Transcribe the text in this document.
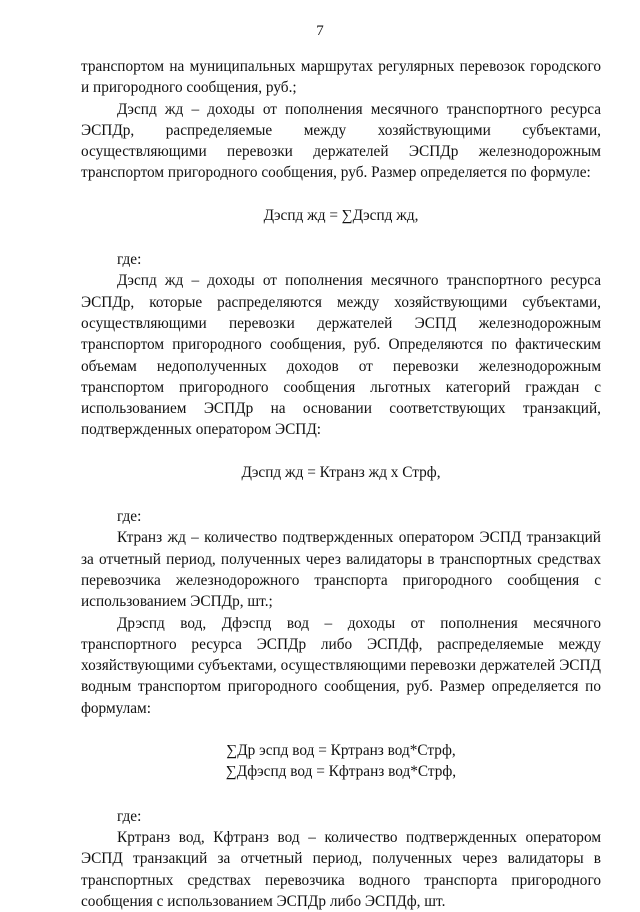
7

транспортом на муниципальных маршрутах регулярных перевозок городского и пригородного сообщения, руб.;

Дэспд жд – доходы от пополнения месячного транспортного ресурса ЭСПДр, распределяемые между хозяйствующими субъектами, осуществляющими перевозки держателей ЭСПДр железнодорожным транспортом пригородного сообщения, руб. Размер определяется по формуле:

Дэспд жд = ∑Дэспд жд,

где:

Дэспд жд – доходы от пополнения месячного транспортного ресурса ЭСПДр, которые распределяются между хозяйствующими субъектами, осуществляющими перевозки держателей ЭСПД железнодорожным транспортом пригородного сообщения, руб. Определяются по фактическим объемам недополученных доходов от перевозки железнодорожным транспортом пригородного сообщения льготных категорий граждан с использованием ЭСПДр на основании соответствующих транзакций, подтвержденных оператором ЭСПД:

Дэспд жд = Ктранз жд х Стрф,

где:

Ктранз жд – количество подтвержденных оператором ЭСПД транзакций за отчетный период, полученных через валидаторы в транспортных средствах перевозчика железнодорожного транспорта пригородного сообщения с использованием ЭСПДр, шт.;

Дрэспд вод, Дфэспд вод – доходы от пополнения месячного транспортного ресурса ЭСПДр либо ЭСПДф, распределяемые между хозяйствующими субъектами, осуществляющими перевозки держателей ЭСПД водным транспортом пригородного сообщения, руб. Размер определяется по формулам:

∑Др эспд вод = Кртранз вод*Стрф,

∑Дфэспд вод = Кфтранз вод*Стрф,

где:

Кртранз вод, Кфтранз вод – количество подтвержденных оператором ЭСПД транзакций за отчетный период, полученных через валидаторы в транспортных средствах перевозчика водного транспорта пригородного сообщения с использованием ЭСПДр либо ЭСПДф, шт.
